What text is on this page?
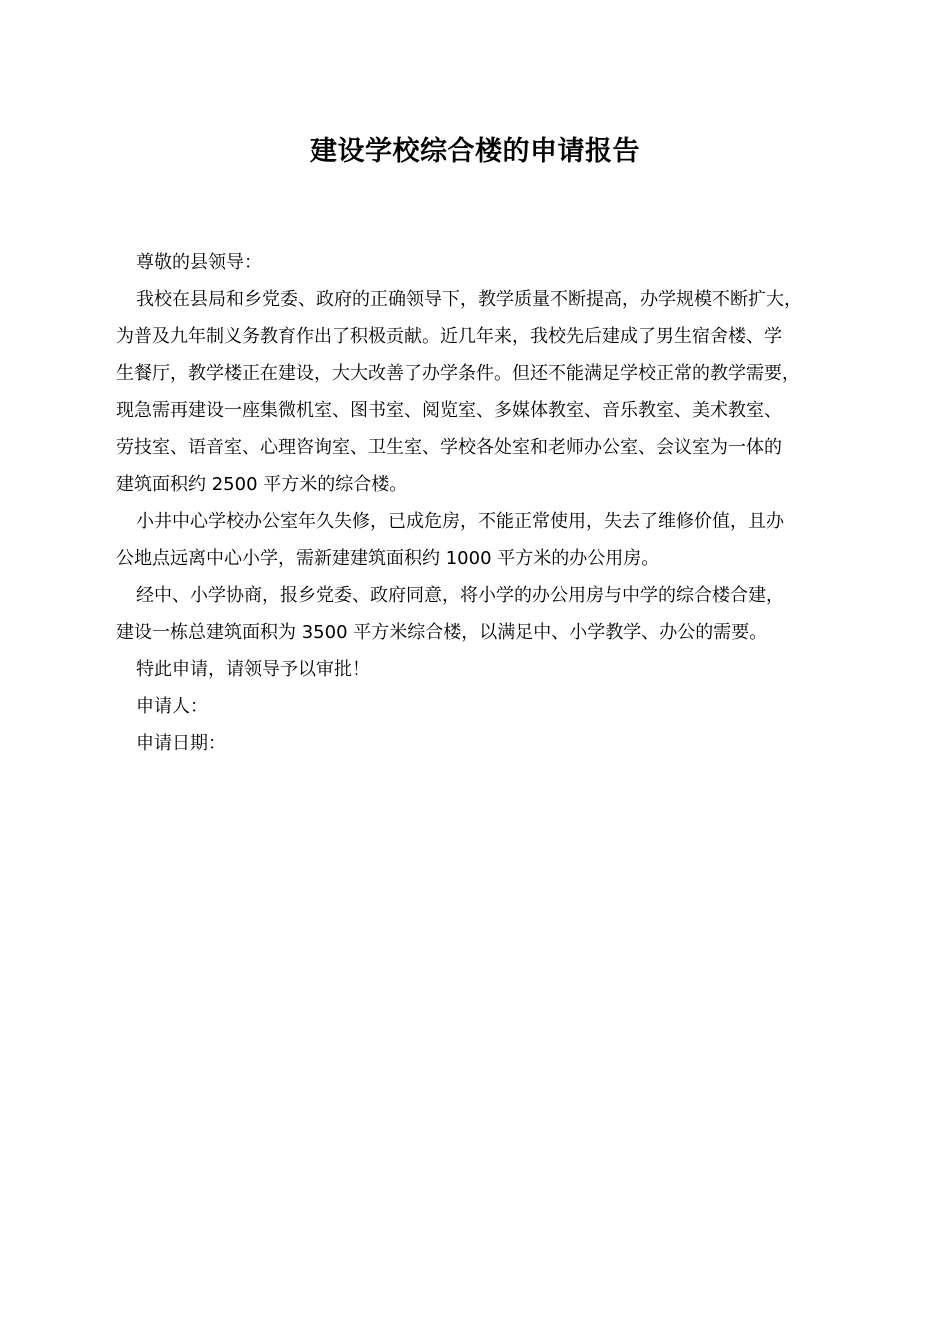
建设学校综合楼的申请报告
尊敬的县领导：
我校在县局和乡党委、政府的正确领导下，教学质量不断提高，办学规模不断扩大，
为普及九年制义务教育作出了积极贡献。近几年来，我校先后建成了男生宿舍楼、学
生餐厅，教学楼正在建设，大大改善了办学条件。但还不能满足学校正常的教学需要，
现急需再建设一座集微机室、图书室、阅览室、多媒体教室、音乐教室、美术教室、
劳技室、语音室、心理咨询室、卫生室、学校各处室和老师办公室、会议室为一体的
建筑面积约 2500 平方米的综合楼。
小井中心学校办公室年久失修，已成危房，不能正常使用，失去了维修价值，且办
公地点远离中心小学，需新建建筑面积约 1000 平方米的办公用房。
经中、小学协商，报乡党委、政府同意，将小学的办公用房与中学的综合楼合建，
建设一栋总建筑面积为 3500 平方米综合楼，以满足中、小学教学、办公的需要。
特此申请，请领导予以审批！
申请人：
申请日期：
